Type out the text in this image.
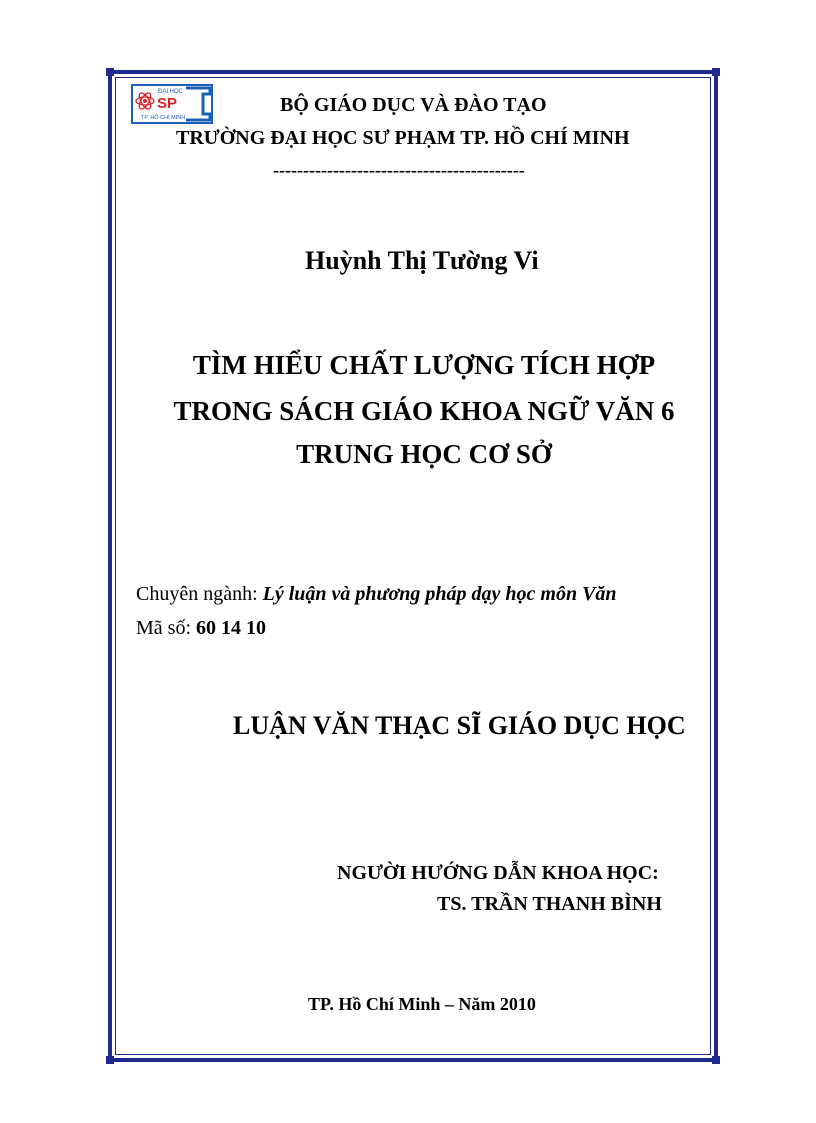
ĐẠI HỌC
SP
TP. HỒ CHÍ MINH
BỘ GIÁO DỤC VÀ ĐÀO TẠO
TRƯỜNG ĐẠI HỌC SƯ PHẠM TP. HỒ CHÍ MINH
------------------------------------------
Huỳnh Thị Tường Vi
TÌM HIỂU CHẤT LƯỢNG TÍCH HỢP
TRONG SÁCH GIÁO KHOA NGỮ VĂN 6
TRUNG HỌC CƠ SỞ
Chuyên ngành: Lý luận và phương pháp dạy học môn Văn
Mã số: 60 14 10
LUẬN VĂN THẠC SĨ GIÁO DỤC HỌC
NGƯỜI HƯỚNG DẪN KHOA HỌC:
TS. TRẦN THANH BÌNH
TP. Hồ Chí Minh – Năm 2010
